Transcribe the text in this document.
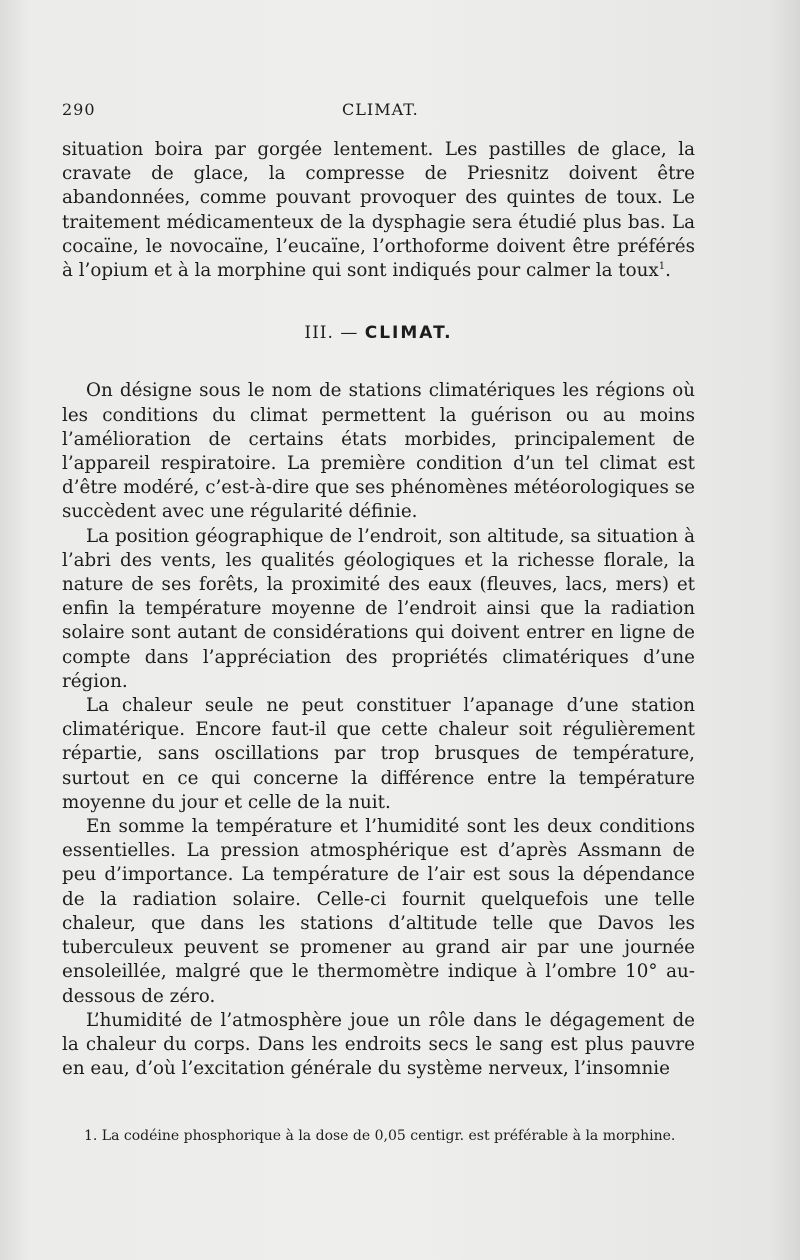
290	CLIMAT.

situation boira par gorgée lentement. Les pastilles de glace, la cravate de glace, la compresse de Priesnitz doivent être abandonnées, comme pouvant provoquer des quintes de toux. Le traitement médicamenteux de la dysphagie sera étudié plus bas. La cocaïne, le novocaïne, l’eucaïne, l’orthoforme doivent être préférés à l’opium et à la morphine qui sont indiqués pour calmer la toux$^1$.

III. — CLIMAT.

On désigne sous le nom de stations climatériques les régions où les conditions du climat permettent la guérison ou au moins l’amélioration de certains états morbides, principalement de l’appareil respiratoire. La première condition d’un tel climat est d’être modéré, c’est-à-dire que ses phénomènes météorologiques se succèdent avec une régularité définie.

La position géographique de l’endroit, son altitude, sa situation à l’abri des vents, les qualités géologiques et la richesse florale, la nature de ses forêts, la proximité des eaux (fleuves, lacs, mers) et enfin la température moyenne de l’endroit ainsi que la radiation solaire sont autant de considérations qui doivent entrer en ligne de compte dans l’appréciation des propriétés climatériques d’une région.

La chaleur seule ne peut constituer l’apanage d’une station climatérique. Encore faut-il que cette chaleur soit régulièrement répartie, sans oscillations par trop brusques de température, surtout en ce qui concerne la différence entre la température moyenne du jour et celle de la nuit.

En somme la température et l’humidité sont les deux conditions essentielles. La pression atmosphérique est d’après Assmann de peu d’importance. La température de l’air est sous la dépendance de la radiation solaire. Celle-ci fournit quelquefois une telle chaleur, que dans les stations d’altitude telle que Davos les tuberculeux peuvent se promener au grand air par une journée ensoleillée, malgré que le thermomètre indique à l’ombre 10° au-dessous de zéro.

L’humidité de l’atmosphère joue un rôle dans le dégagement de la chaleur du corps. Dans les endroits secs le sang est plus pauvre en eau, d’où l’excitation générale du système nerveux, l’insomnie

1. La codéine phosphorique à la dose de 0,05 centigr. est préférable à la morphine.
